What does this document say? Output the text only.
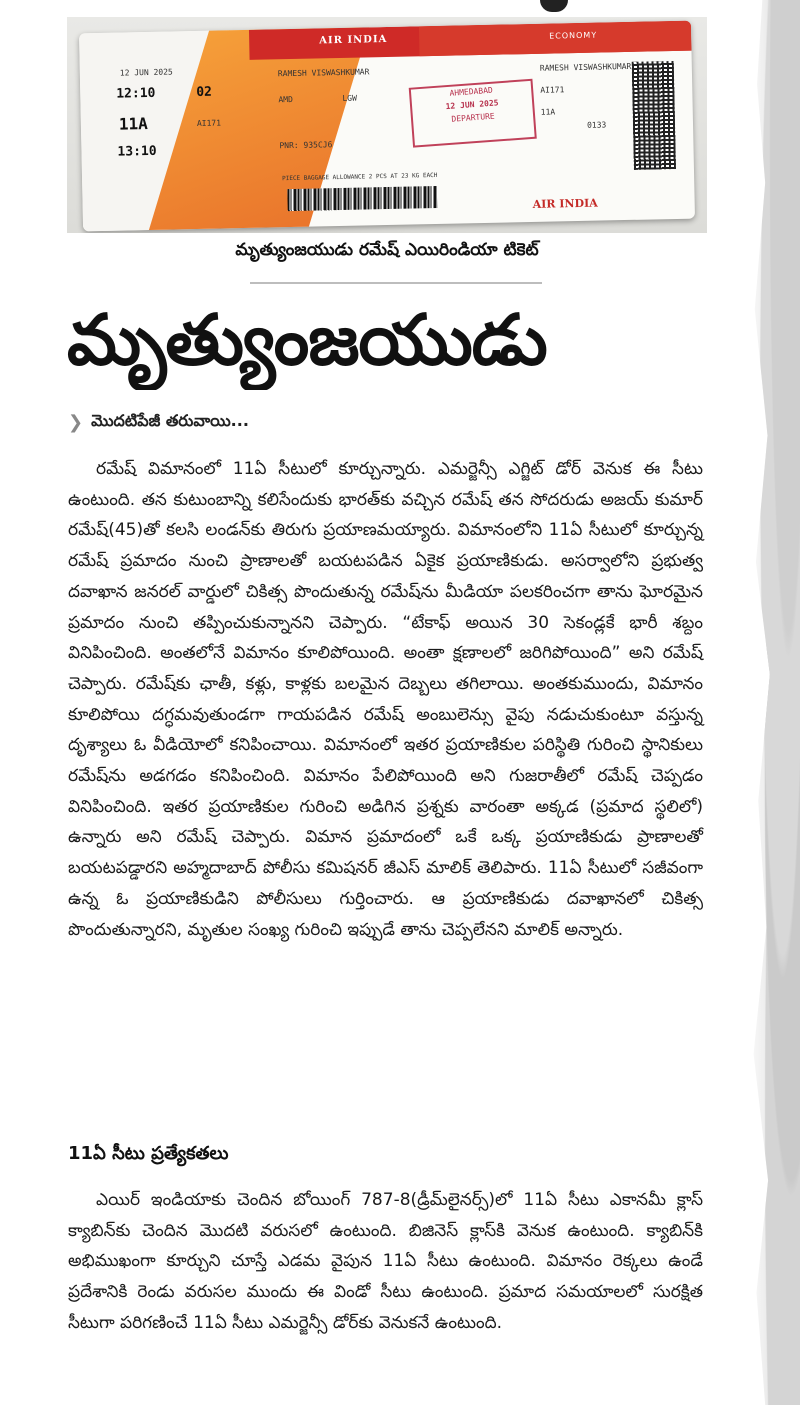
AIR INDIA	ECONOMY
12 JUN 2025
12:10	02
11A	AI171
13:10
RAMESH VISWASHKUMAR
AMD	LGW
PNR: 935CJ6
AHMEDABAD
12 JUN 2025
DEPARTURE
RAMESH VISWASHKUMAR
AI171
11A
0133
PIECE BAGGAGE ALLOWANCE 2 PCS AT 23 KG EACH
AIR INDIA
మృత్యుంజయుడు రమేష్ ఎయిరిండియా టికెట్
మృత్యుంజయుడు
❯ మొదటిపేజీ తరువాయి...
రమేష్ విమానంలో 11ఏ సీటులో కూర్చున్నారు. ఎమర్జెన్సీ ఎగ్జిట్ డోర్ వెనుక ఈ సీటు ఉంటుంది. తన కుటుంబాన్ని కలిసేందుకు భారత్‌కు వచ్చిన రమేష్ తన సోదరుడు అజయ్ కుమార్ రమేష్(45)తో కలసి లండన్‌కు తిరుగు ప్రయాణమయ్యారు. విమానంలోని 11ఏ సీటులో కూర్చున్న రమేష్ ప్రమాదం నుంచి ప్రాణాలతో బయటపడిన ఏకైక ప్రయాణికుడు. అసర్వాలోని ప్రభుత్వ దవాఖాన జనరల్ వార్డులో చికిత్స పొందుతున్న రమేష్‌ను మీడియా పలకరించగా తాను ఘోరమైన ప్రమాదం నుంచి తప్పించుకున్నానని చెప్పారు. “టేకాఫ్ అయిన 30 సెకండ్లకే భారీ శబ్దం వినిపించింది. అంతలోనే విమానం కూలిపోయింది. అంతా క్షణాలలో జరిగిపోయింది” అని రమేష్ చెప్పారు. రమేష్‌కు ఛాతీ, కళ్లు, కాళ్లకు బలమైన దెబ్బలు తగిలాయి. అంతకుముందు, విమానం కూలిపోయి దగ్ధమవుతుండగా గాయపడిన రమేష్ అంబులెన్సు వైపు నడుచుకుంటూ వస్తున్న దృశ్యాలు ఓ వీడియోలో కనిపించాయి. విమానంలో ఇతర ప్రయాణికుల పరిస్థితి గురించి స్థానికులు రమేష్‌ను అడగడం కనిపించింది. విమానం పేలిపోయింది అని గుజరాతీలో రమేష్ చెప్పడం వినిపించింది. ఇతర ప్రయాణికుల గురించి అడిగిన ప్రశ్నకు వారంతా అక్కడ (ప్రమాద స్థలిలో) ఉన్నారు అని రమేష్ చెప్పారు. విమాన ప్రమాదంలో ఒకే ఒక్క ప్రయాణికుడు ప్రాణాలతో బయటపడ్డారని అహ్మదాబాద్ పోలీసు కమిషనర్ జీఎస్ మాలిక్ తెలిపారు. 11ఏ సీటులో సజీవంగా ఉన్న ఓ ప్రయాణికుడిని పోలీసులు గుర్తించారు. ఆ ప్రయాణికుడు దవాఖానలో చికిత్స పొందుతున్నారని, మృతుల సంఖ్య గురించి ఇప్పుడే తాను చెప్పలేనని మాలిక్ అన్నారు.
11ఏ సీటు ప్రత్యేకతలు
ఎయిర్ ఇండియాకు చెందిన బోయింగ్ 787-8(డ్రీమ్‌లైనర్స్)లో 11ఏ సీటు ఎకానమీ క్లాస్ క్యాబిన్‌కు చెందిన మొదటి వరుసలో ఉంటుంది. బిజినెస్ క్లాస్‌కి వెనుక ఉంటుంది. క్యాబిన్‌కి అభిముఖంగా కూర్చుని చూస్తే ఎడమ వైపున 11ఏ సీటు ఉంటుంది. విమానం రెక్కలు ఉండే ప్రదేశానికి రెండు వరుసల ముందు ఈ విండో సీటు ఉంటుంది. ప్రమాద సమయాలలో సురక్షిత సీటుగా పరిగణించే 11ఏ సీటు ఎమర్జెన్సీ డోర్‌కు వెనుకనే ఉంటుంది.
